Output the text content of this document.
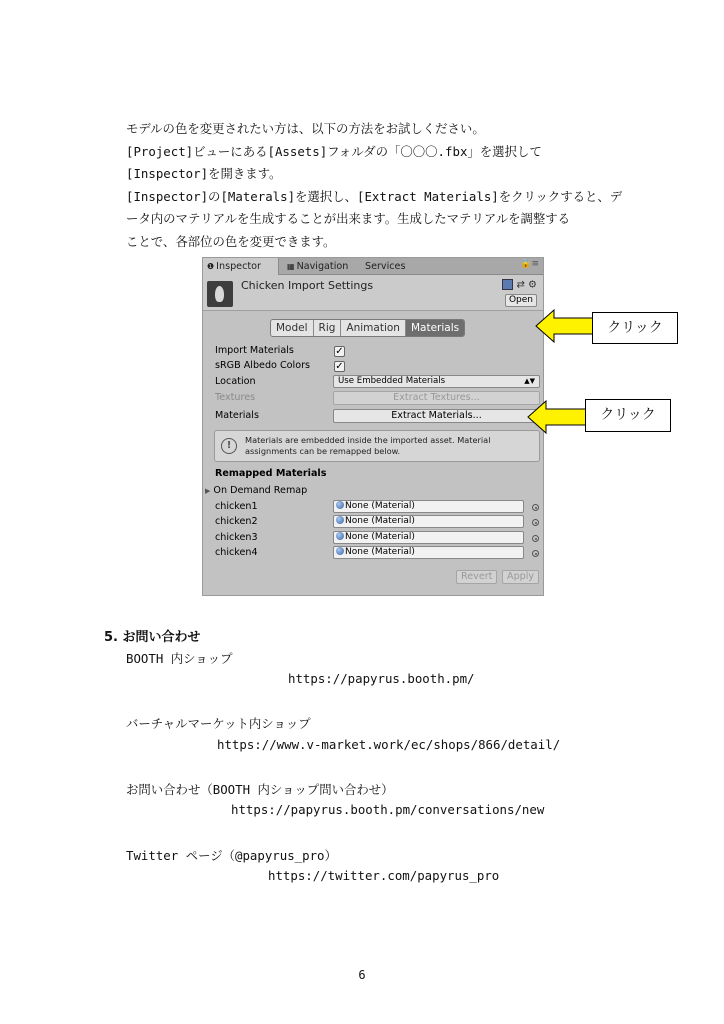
モデルの色を変更されたい方は、以下の方法をお試しください。

[Project]ビューにある[Assets]フォルダの「〇〇〇.fbx」を選択して

[Inspector]を開きます。

[Inspector]の[Materals]を選択し、[Extract Materials]をクリックすると、デ

ータ内のマテリアルを生成することが出来ます。生成したマテリアルを調整する

ことで、各部位の色を変更できます。

❶ Inspector	▦ Navigation	Services	🔒≡
Chicken Import Settings	⇄ ⚙
Open
Model	Rig	Animation	Materials
Import Materials	✓
sRGB Albedo Colors	✓
Location	Use Embedded Materials	▲▼
Textures	Extract Textures...
Materials	Extract Materials...
!	Materials are embedded inside the imported asset. Material
assignments can be remapped below.
Remapped Materials
▶ On Demand Remap
chicken1	None (Material)
chicken2	None (Material)
chicken3	None (Material)
chicken4	None (Material)
Revert	Apply
クリック
クリック
5. お問い合わせ
BOOTH 内ショップ
https://papyrus.booth.pm/
バーチャルマーケット内ショップ
https://www.v-market.work/ec/shops/866/detail/
お問い合わせ（BOOTH 内ショップ問い合わせ）
https://papyrus.booth.pm/conversations/new
Twitter ページ（@papyrus_pro）
https://twitter.com/papyrus_pro
6
